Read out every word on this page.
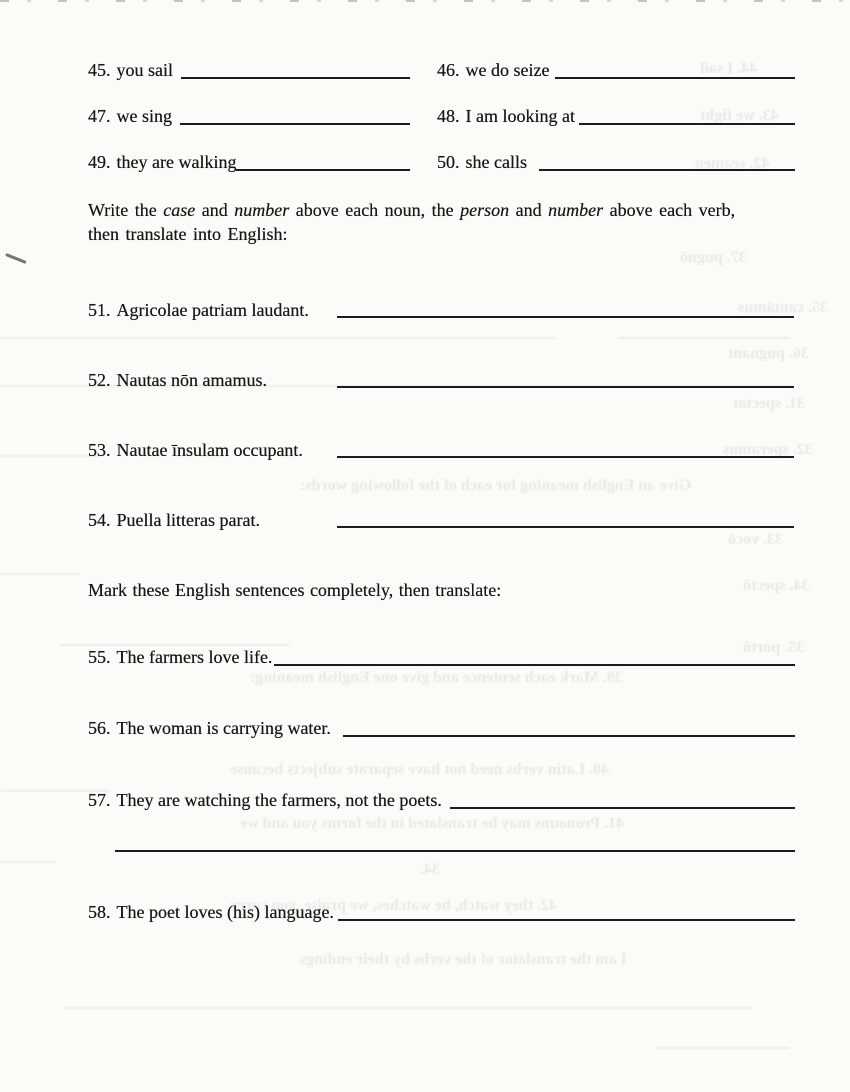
44. I sail
43. we fight
42. seamen
37. pugnō
35. cantāmus
36. pugnant
31. spectat
32. speramus
Give an English meaning for each of the following words:
33. vocō
34. spectō
35. portō
39. Mark each sentence and give one English meaning:
40. Latin verbs need not have separate subjects because
41. Pronouns may be translated in the forms you and we
34.
42. they watch, he watches, we praise, you carry
I am the translator of the verbs by their endings
45. you sail	46. we do seize
47. we sing	48. I am looking at
49. they are walking	50. she calls
Write the case and number above each noun, the person and number above each verb,
then translate into English:
51. Agricolae patriam laudant.
52. Nautas nōn amamus.
53. Nautae īnsulam occupant.
54. Puella litteras parat.
Mark these English sentences completely, then translate:
55. The farmers love life.
56. The woman is carrying water.
57. They are watching the farmers, not the poets.
58. The poet loves (his) language.
